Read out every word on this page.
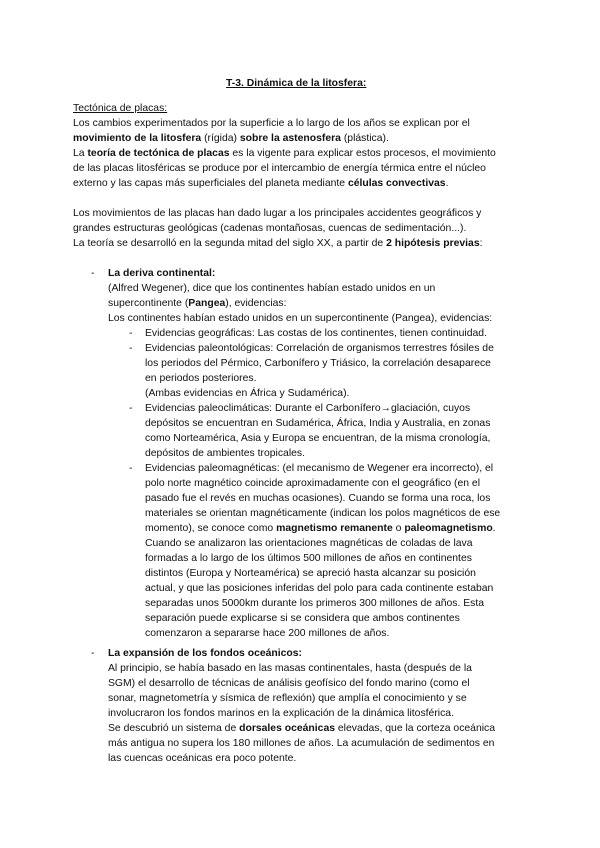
T-3. Dinámica de la litosfera:
Tectónica de placas:
Los cambios experimentados por la superficie a lo largo de los años se explican por el
movimiento de la litosfera (rígida) sobre la astenosfera (plástica).
La teoría de tectónica de placas es la vigente para explicar estos procesos, el movimiento
de las placas litosféricas se produce por el intercambio de energía térmica entre el núcleo
externo y las capas más superficiales del planeta mediante células convectivas.
Los movimientos de las placas han dado lugar a los principales accidentes geográficos y
grandes estructuras geológicas (cadenas montañosas, cuencas de sedimentación...).
La teoría se desarrolló en la segunda mitad del siglo XX, a partir de 2 hipótesis previas:
- La deriva continental:
(Alfred Wegener), dice que los continentes habían estado unidos en un
supercontinente (Pangea), evidencias:
Los continentes habían estado unidos en un supercontinente (Pangea), evidencias:
- Evidencias geográficas: Las costas de los continentes, tienen continuidad.
- Evidencias paleontológicas: Correlación de organismos terrestres fósiles de
los periodos del Pérmico, Carbonífero y Triásico, la correlación desaparece
en periodos posteriores.
(Ambas evidencias en África y Sudamérica).
- Evidencias paleoclimáticas: Durante el Carbonífero→glaciación, cuyos
depósitos se encuentran en Sudamérica, África, India y Australia, en zonas
como Norteamérica, Asia y Europa se encuentran, de la misma cronología,
depósitos de ambientes tropicales.
- Evidencias paleomagnéticas: (el mecanismo de Wegener era incorrecto), el
polo norte magnético coincide aproximadamente con el geográfico (en el
pasado fue el revés en muchas ocasiones). Cuando se forma una roca, los
materiales se orientan magnéticamente (indican los polos magnéticos de ese
momento), se conoce como magnetismo remanente o paleomagnetismo.
Cuando se analizaron las orientaciones magnéticas de coladas de lava
formadas a lo largo de los últimos 500 millones de años en continentes
distintos (Europa y Norteamérica) se apreció hasta alcanzar su posición
actual, y que las posiciones inferidas del polo para cada continente estaban
separadas unos 5000km durante los primeros 300 millones de años. Esta
separación puede explicarse si se considera que ambos continentes
comenzaron a separarse hace 200 millones de años.
- La expansión de los fondos oceánicos:
Al principio, se había basado en las masas continentales, hasta (después de la
SGM) el desarrollo de técnicas de análisis geofísico del fondo marino (como el
sonar, magnetometría y sísmica de reflexión) que amplía el conocimiento y se
involucraron los fondos marinos en la explicación de la dinámica litosférica.
Se descubrió un sistema de dorsales oceánicas elevadas, que la corteza oceánica
más antigua no supera los 180 millones de años. La acumulación de sedimentos en
las cuencas oceánicas era poco potente.
